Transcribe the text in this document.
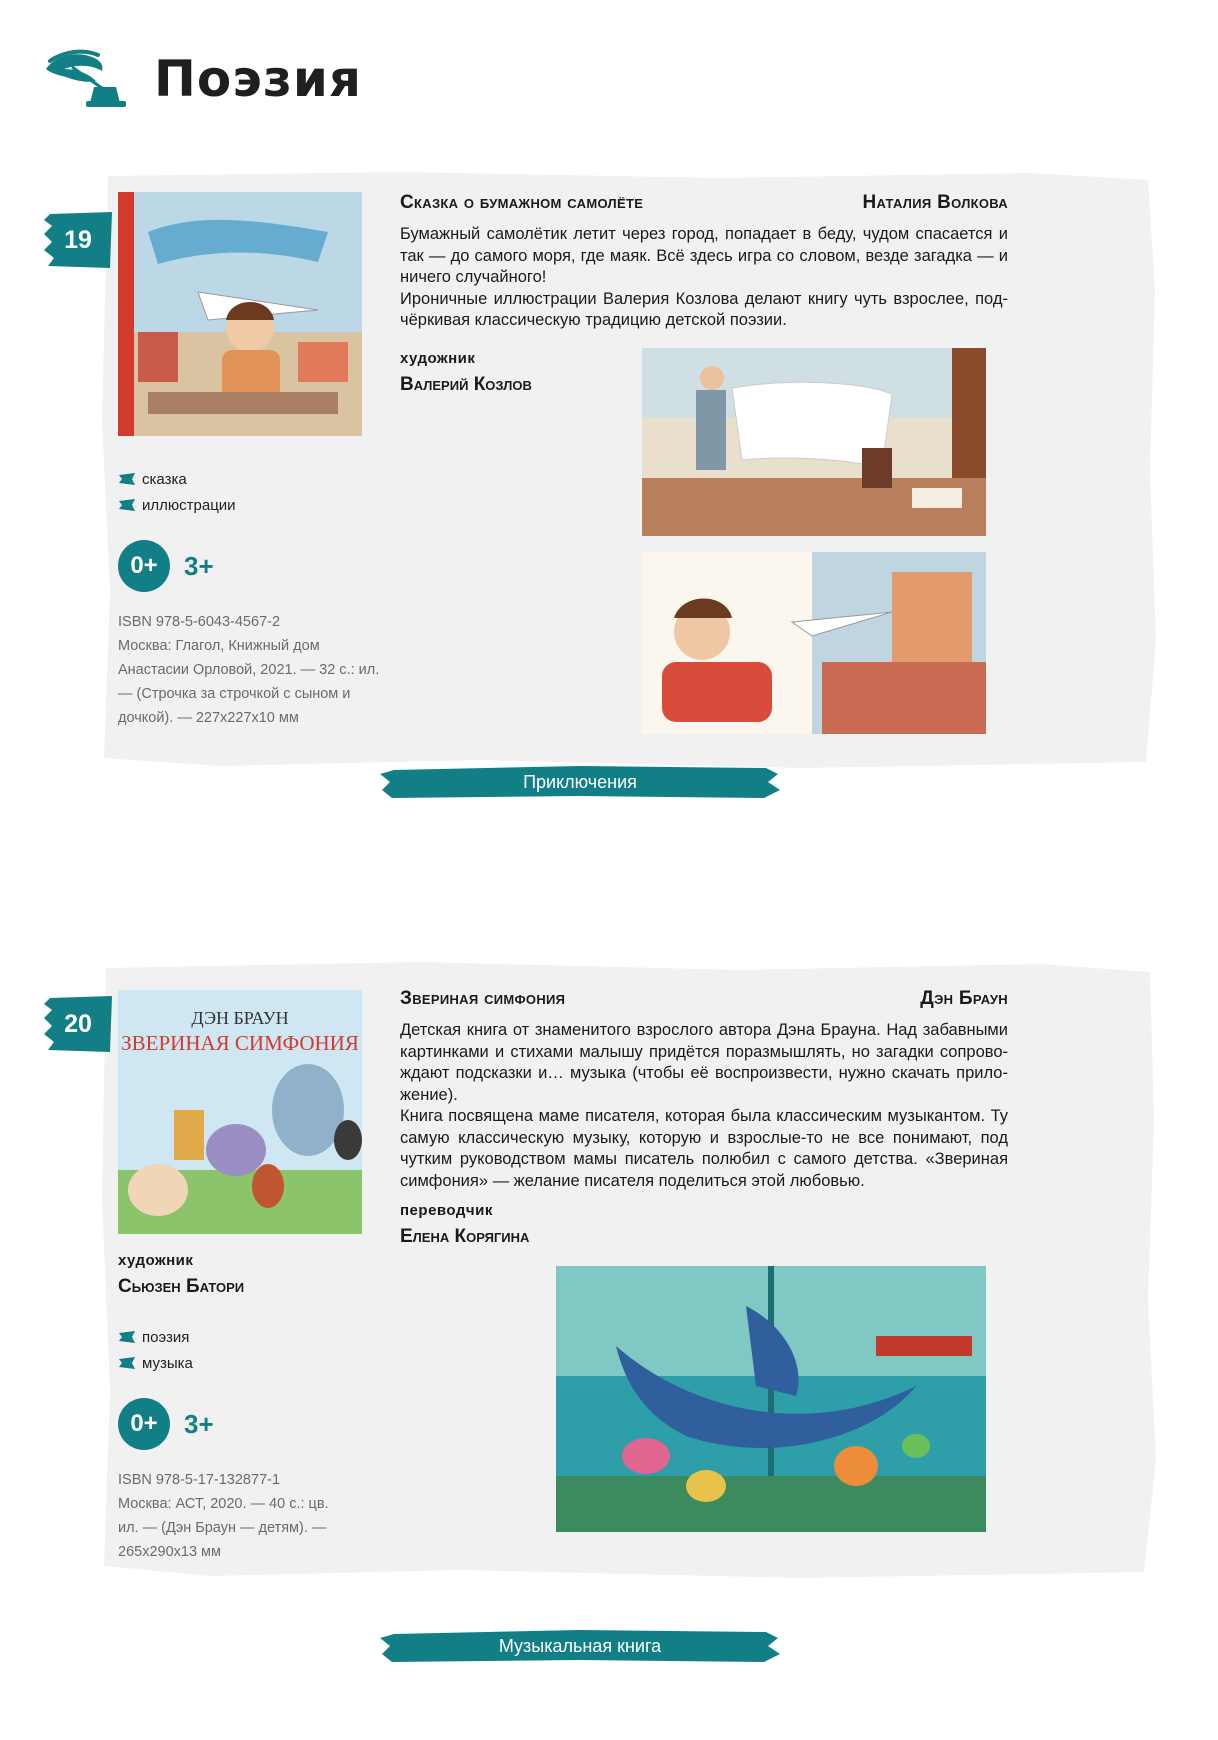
Поэзия
19
сказка
иллюстрации
0+	3+
ISBN 978-5-6043-4567-2
Москва: Глагол, Книжный дом Анастасии Орловой, 2021. — 32 с.: ил. — (Строчка за строчкой с сыном и дочкой). — 227х227х10 мм
Сказка о бумажном самолёте	Наталия Волкова

Бумажный самолётик летит через город, попадает в беду, чудом спасается и так — до самого моря, где маяк. Всё здесь игра со словом, везде загадка — и ничего случайного!

Ироничные иллюстрации Валерия Козлова делают книгу чуть взрослее, подчёркивая классическую традицию детской поэзии.

художник
Валерий Козлов
Приключения
20	ДЭН БРАУН
ЗВЕРИНАЯ СИМФОНИЯ
художник
Сьюзен Батори
поэзия
музыка
0+	3+
ISBN 978-5-17-132877-1
Москва: АСТ, 2020. — 40 с.: цв. ил. — (Дэн Браун — детям). — 265х290х13 мм
Звериная симфония	Дэн Браун

Детская книга от знаменитого взрослого автора Дэна Брауна. Над забавными картинками и стихами малышу придётся поразмышлять, но загадки сопровождают подсказки и… музыка (чтобы её воспроизвести, нужно скачать приложение).

Книга посвящена маме писателя, которая была классическим музыкантом. Ту самую классическую музыку, которую и взрослые-то не все понимают, под чутким руководством мамы писатель полюбил с самого детства. «Звериная симфония» — желание писателя поделиться этой любовью.

переводчик
Елена Корягина
Музыкальная книга
